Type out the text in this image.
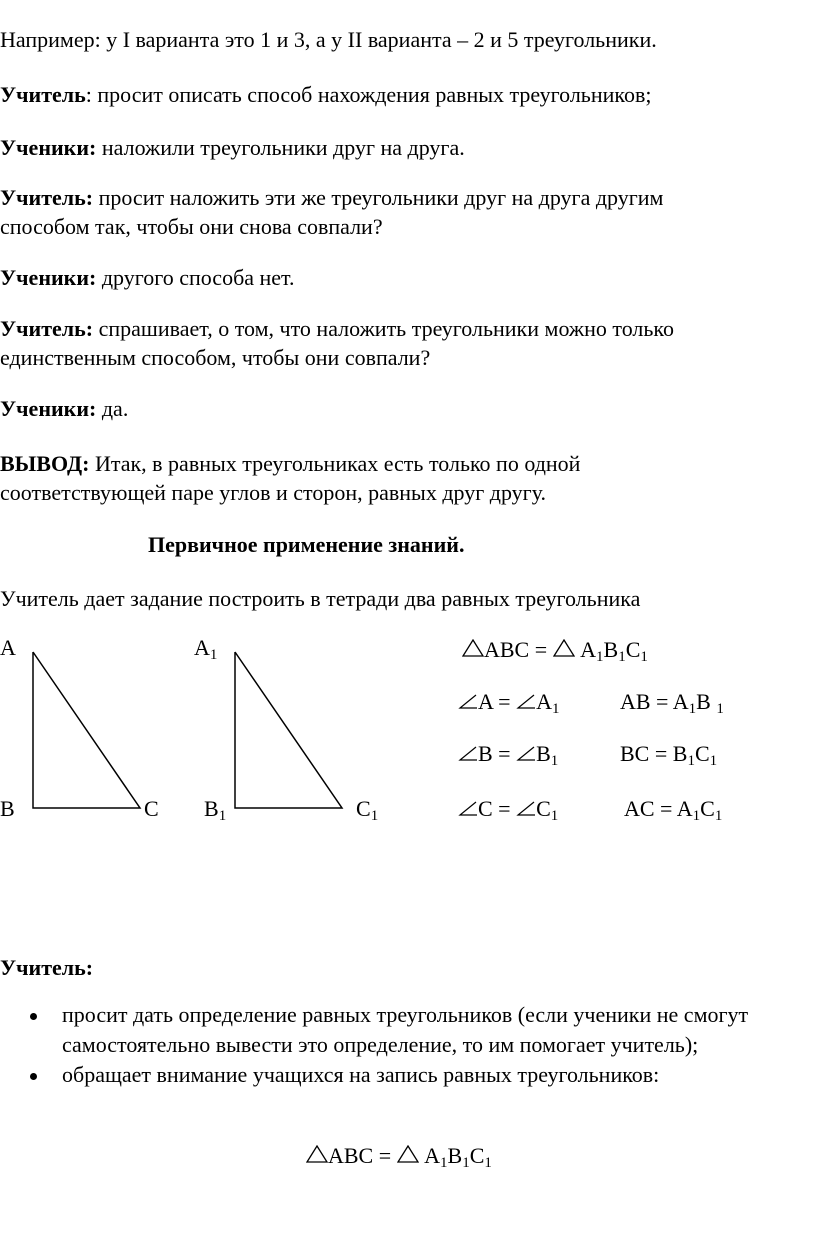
Например: у I варианта это 1 и 3, а у II варианта – 2 и 5 треугольники.
Учитель: просит описать способ нахождения равных треугольников;
Ученики: наложили треугольники друг на друга.
Учитель: просит наложить эти же треугольники друг на друга другим
способом так, чтобы они снова совпали?
Ученики: другого способа нет.
Учитель: спрашивает, о том, что наложить треугольники можно только
единственным способом, чтобы они совпали?
Ученики: да.
ВЫВОД: Итак, в равных треугольниках есть только по одной
соответствующей паре углов и сторон, равных друг другу.
Первичное применение знаний.
Учитель дает задание построить в тетради два равных треугольника
A
B	C
A1
B1	C1
ABC =  A1B1C1
A = A1	AB = A1B 1
B = B1	BC = B1C1
C = C1	AC = A1C1
Учитель:
просит дать определение равных треугольников (если ученики не смогут самостоятельно вывести это определение, то им помогает учитель);
обращает внимание учащихся на запись равных треугольников:
ABC =  A1B1C1
